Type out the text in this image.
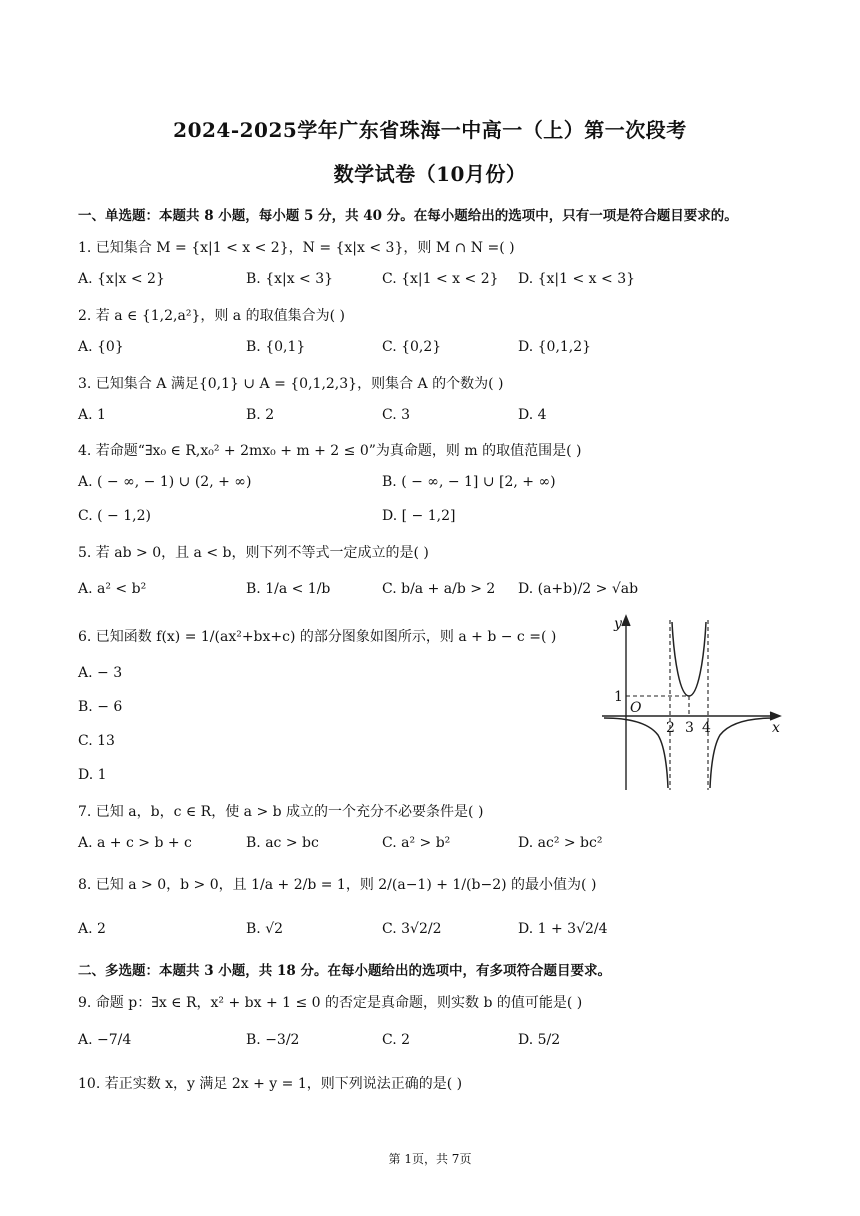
2024-2025学年广东省珠海一中高一（上）第一次段考
数学试卷（10月份）
一、单选题：本题共 8 小题，每小题 5 分，共 40 分。在每小题给出的选项中，只有一项是符合题目要求的。
1. 已知集合 M = {x|1 < x < 2}，N = {x|x < 3}，则 M ∩ N =( )
A. {x|x < 2}	B. {x|x < 3}	C. {x|1 < x < 2} D. {x|1 < x < 3}
2. 若 a ∈ {1,2,a²}，则 a 的取值集合为( )
A. {0}	B. {0,1}	C. {0,2}	D. {0,1,2}
3. 已知集合 A 满足{0,1} ∪ A = {0,1,2,3}，则集合 A 的个数为( )
A. 1	B. 2	C. 3	D. 4
4. 若命题“∃x₀ ∈ R,x₀² + 2mx₀ + m + 2 ≤ 0”为真命题，则 m 的取值范围是( )
A. ( − ∞, − 1) ∪ (2, + ∞)	B. ( − ∞, − 1] ∪ [2, + ∞)
C. ( − 1,2)	D. [ − 1,2]
5. 若 ab > 0，且 a < b，则下列不等式一定成立的是( )
A. a² < b²	B. 1/a < 1/b	C. b/a + a/b > 2 D. (a+b)/2 > √ab
6. 已知函数 f(x) = 1/(ax²+bx+c) 的部分图象如图所示，则 a + b − c =( )
A. − 3
B. − 6
C. 13
D. 1
y
x
O
1
2 3 4
7. 已知 a，b，c ∈ R，使 a > b 成立的一个充分不必要条件是( )
A. a + c > b + c	B. ac > bc	C. a² > b²	D. ac² > bc²
8. 已知 a > 0，b > 0，且 1/a + 2/b = 1，则 2/(a−1) + 1/(b−2) 的最小值为( )
A. 2	B. √2	C. 3√2/2	D. 1 + 3√2/4
二、多选题：本题共 3 小题，共 18 分。在每小题给出的选项中，有多项符合题目要求。
9. 命题 p：∃x ∈ R，x² + bx + 1 ≤ 0 的否定是真命题，则实数 b 的值可能是( )
A. −7/4	B. −3/2	C. 2	D. 5/2
10. 若正实数 x，y 满足 2x + y = 1，则下列说法正确的是( )
第 1页，共 7页
